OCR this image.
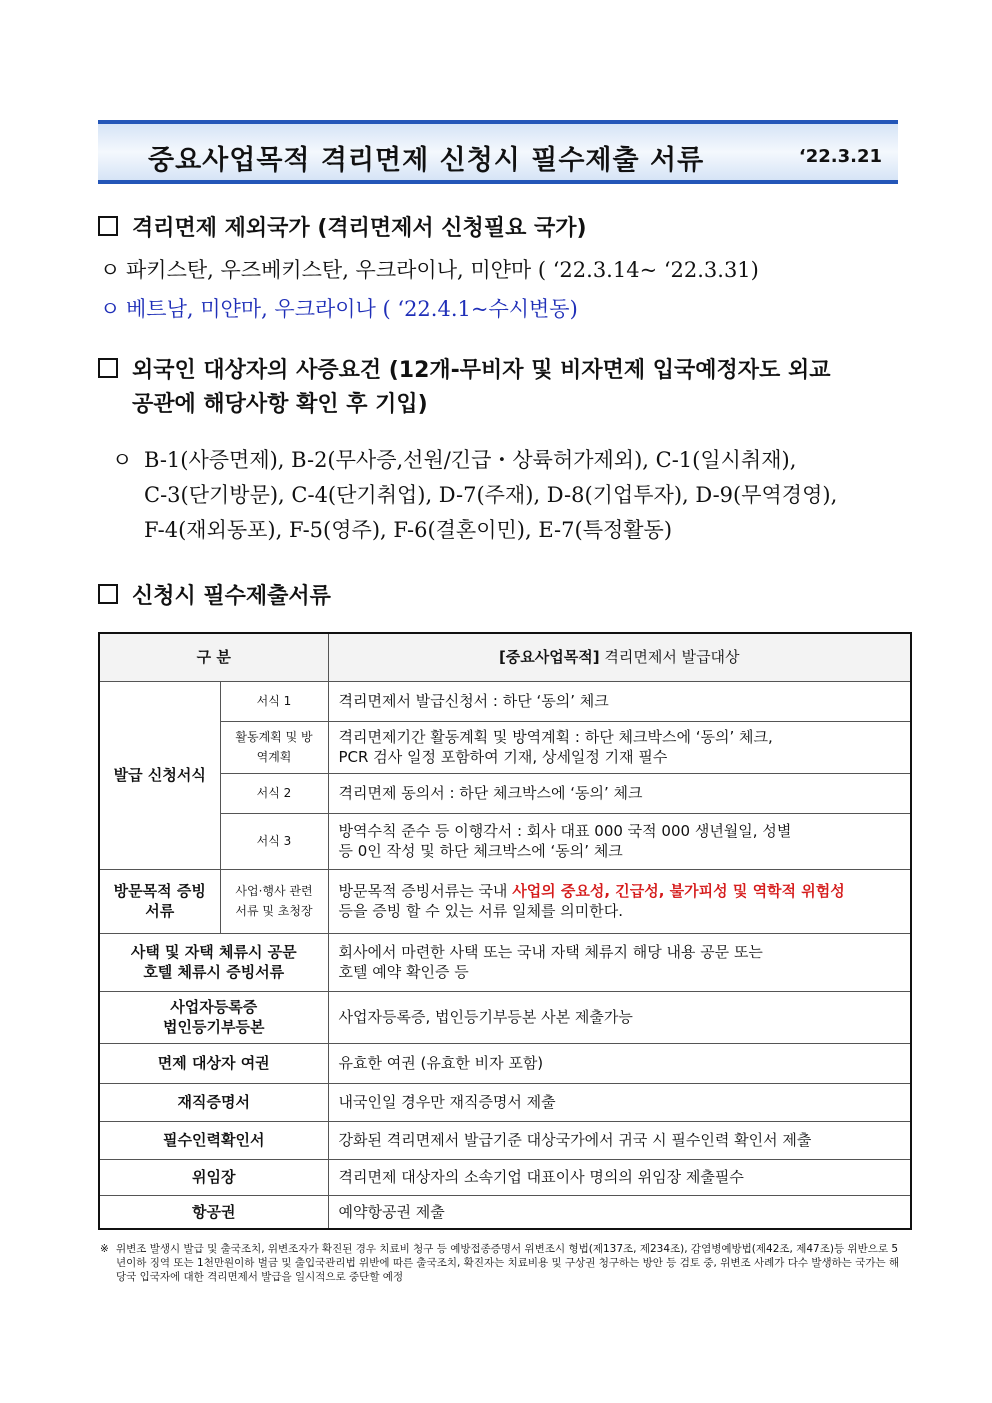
중요사업목적 격리면제 신청시 필수제출 서류	‘22.3.21
격리면제 제외국가 (격리면제서 신청필요 국가)
ㅇ 파키스탄, 우즈베키스탄, 우크라이나, 미얀마 ( ‘22.3.14~ ‘22.3.31)
ㅇ 베트남, 미얀마, 우크라이나 ( ‘22.4.1~수시변동)
외국인 대상자의 사증요건 (12개-무비자 및 비자면제 입국예정자도 외교
공관에 해당사항 확인 후 기입)
ㅇ B-1(사증면제), B-2(무사증,선원/긴급・상륙허가제외), C-1(일시취재),
C-3(단기방문), C-4(단기취업), D-7(주재), D-8(기업투자), D-9(무역경영),
F-4(재외동포), F-5(영주), F-6(결혼이민), E-7(특정활동)
신청시 필수제출서류
구 분		[중요사업목적] 격리면제서 발급대상
발급 신청서식	서식 1	격리면제서 발급신청서 : 하단 ‘동의’ 체크
	활동계획 및 방역계획	격리면제기간 활동계획 및 방역계획 : 하단 체크박스에 ‘동의’ 체크,
PCR 검사 일정 포함하여 기재, 상세일정 기재 필수
	서식 2	격리면제 동의서 : 하단 체크박스에 ‘동의’ 체크
	서식 3	방역수칙 준수 등 이행각서 : 회사 대표 000 국적 000 생년월일, 성별
등 0인 작성 및 하단 체크박스에 ‘동의’ 체크
방문목적 증빙서류	사업·행사 관련서류 및 초청장	방문목적 증빙서류는 국내 사업의 중요성, 긴급성, 불가피성 및 역학적 위험성
등을 증빙 할 수 있는 서류 일체를 의미한다.
사택 및 자택 체류시 공문
호텔 체류시 증빙서류		회사에서 마련한 사택 또는 국내 자택 체류지 해당 내용 공문 또는
호텔 예약 확인증 등
사업자등록증
법인등기부등본		사업자등록증, 법인등기부등본 사본 제출가능
면제 대상자 여권		유효한 여권 (유효한 비자 포함)
재직증명서		내국인일 경우만 재직증명서 제출
필수인력확인서		강화된 격리면제서 발급기준 대상국가에서 귀국 시 필수인력 확인서 제출
위임장		격리면제 대상자의 소속기업 대표이사 명의의 위임장 제출필수
항공권		예약항공권 제출
※ 위변조 발생시 발급 및 출국조치, 위변조자가 확진된 경우 치료비 청구 등 예방접종증명서 위변조시 형법(제137조, 제234조), 감염병예방법(제42조, 제47조)등 위반으로 5년이하 징역 또는 1천만원이하 벌금 및 출입국관리법 위반에 따른 출국조치, 확진자는 치료비용 및 구상권 청구하는 방안 등 검토 중, 위변조 사례가 다수 발생하는 국가는 해당국 입국자에 대한 격리면제서 발급을 일시적으로 중단할 예정
